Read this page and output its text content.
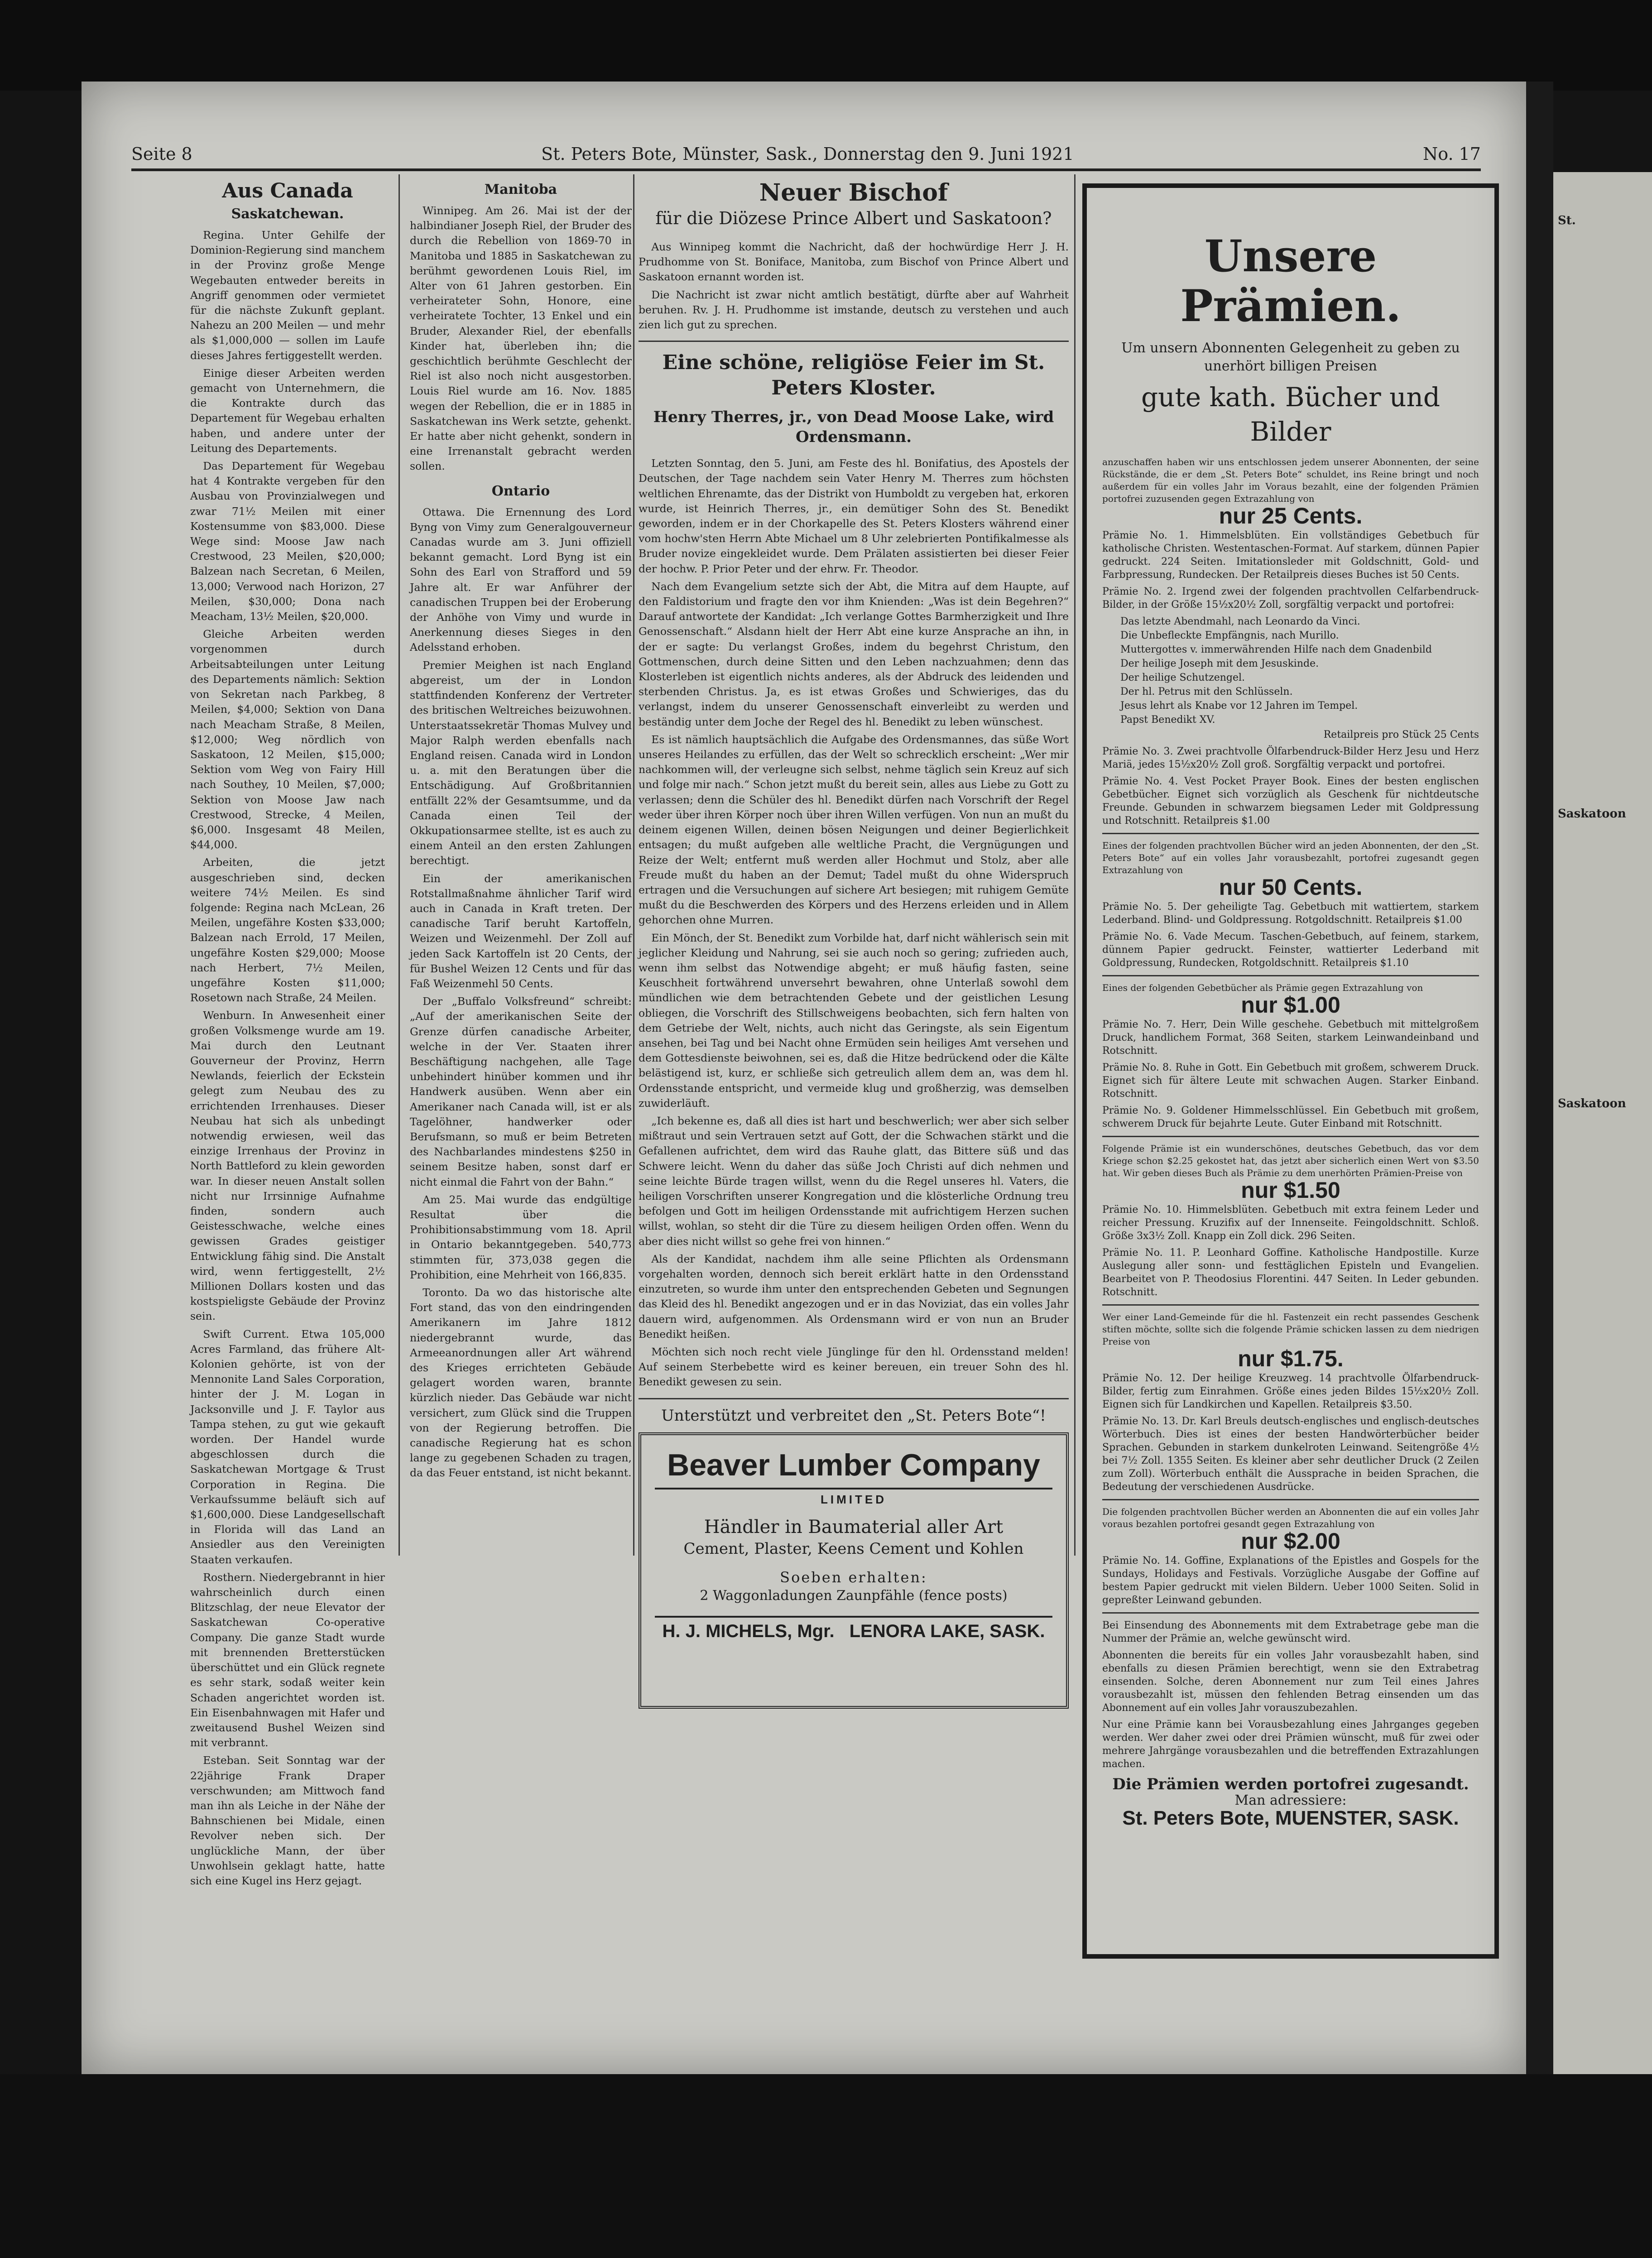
St.
Saskatoon
Saskatoon
Seite 8	St. Peters Bote, Münster, Sask., Donnerstag den 9. Juni 1921	No. 17
Aus Canada
Saskatchewan.

Regina. Unter Gehilfe der Dominion-Regierung sind manchem in der Provinz große Menge Wegebauten entweder bereits in Angriff genommen oder vermietet für die nächste Zukunft geplant. Nahezu an 200 Meilen — und mehr als $1,000,000 — sollen im Laufe dieses Jahres fertiggestellt werden.

Einige dieser Arbeiten werden gemacht von Unternehmern, die die Kontrakte durch das Departement für Wegebau erhalten haben, und andere unter der Leitung des Departements.

Das Departement für Wegebau hat 4 Kontrakte vergeben für den Ausbau von Provinzialwegen und zwar 71½ Meilen mit einer Kostensumme von $83,000. Diese Wege sind: Moose Jaw nach Crestwood, 23 Meilen, $20,000; Balzean nach Secretan, 6 Meilen, 13,000; Verwood nach Horizon, 27 Meilen, $30,000; Dona nach Meacham, 13½ Meilen, $20,000.

Gleiche Arbeiten werden vorgenommen durch Arbeitsabteilungen unter Leitung des Departements nämlich: Sektion von Sekretan nach Parkbeg, 8 Meilen, $4,000; Sektion von Dana nach Meacham Straße, 8 Meilen, $12,000; Weg nördlich von Saskatoon, 12 Meilen, $15,000; Sektion vom Weg von Fairy Hill nach Southey, 10 Meilen, $7,000; Sektion von Moose Jaw nach Crestwood, Strecke, 4 Meilen, $6,000. Insgesamt 48 Meilen, $44,000.

Arbeiten, die jetzt ausgeschrieben sind, decken weitere 74½ Meilen. Es sind folgende: Regina nach McLean, 26 Meilen, ungefähre Kosten $33,000; Balzean nach Errold, 17 Meilen, ungefähre Kosten $29,000; Moose nach Herbert, 7½ Meilen, ungefähre Kosten $11,000; Rosetown nach Straße, 24 Meilen.

Wenburn. In Anwesenheit einer großen Volksmenge wurde am 19. Mai durch den Leutnant Gouverneur der Provinz, Herrn Newlands, feierlich der Eckstein gelegt zum Neubau des zu errichtenden Irrenhauses. Dieser Neubau hat sich als unbedingt notwendig erwiesen, weil das einzige Irrenhaus der Provinz in North Battleford zu klein geworden war. In dieser neuen Anstalt sollen nicht nur Irrsinnige Aufnahme finden, sondern auch Geistesschwache, welche eines gewissen Grades geistiger Entwicklung fähig sind. Die Anstalt wird, wenn fertiggestellt, 2½ Millionen Dollars kosten und das kostspieligste Gebäude der Provinz sein.

Swift Current. Etwa 105,000 Acres Farmland, das frühere Alt-Kolonien gehörte, ist von der Mennonite Land Sales Corporation, hinter der J. M. Logan in Jacksonville und J. F. Taylor aus Tampa stehen, zu gut wie gekauft worden. Der Handel wurde abgeschlossen durch die Saskatchewan Mortgage & Trust Corporation in Regina. Die Verkaufssumme beläuft sich auf $1,600,000. Diese Landgesellschaft in Florida will das Land an Ansiedler aus den Vereinigten Staaten verkaufen.

Rosthern. Niedergebrannt in hier wahrscheinlich durch einen Blitzschlag, der neue Elevator der Saskatchewan Co-operative Company. Die ganze Stadt wurde mit brennenden Bretterstücken überschüttet und ein Glück regnete es sehr stark, sodaß weiter kein Schaden angerichtet worden ist. Ein Eisenbahnwagen mit Hafer und zweitausend Bushel Weizen sind mit verbrannt.

Esteban. Seit Sonntag war der 22jährige Frank Draper verschwunden; am Mittwoch fand man ihn als Leiche in der Nähe der Bahnschienen bei Midale, einen Revolver neben sich. Der unglückliche Mann, der über Unwohlsein geklagt hatte, hatte sich eine Kugel ins Herz gejagt.

Manitoba

Winnipeg. Am 26. Mai ist der der halbindianer Joseph Riel, der Bruder des durch die Rebellion von 1869-70 in Manitoba und 1885 in Saskatchewan zu berühmt gewordenen Louis Riel, im Alter von 61 Jahren gestorben. Ein verheirateter Sohn, Honore, eine verheiratete Tochter, 13 Enkel und ein Bruder, Alexander Riel, der ebenfalls Kinder hat, überleben ihn; die geschichtlich berühmte Geschlecht der Riel ist also noch nicht ausgestorben. Louis Riel wurde am 16. Nov. 1885 wegen der Rebellion, die er in 1885 in Saskatchewan ins Werk setzte, gehenkt. Er hatte aber nicht gehenkt, sondern in eine Irrenanstalt gebracht werden sollen.

Ontario

Ottawa. Die Ernennung des Lord Byng von Vimy zum Generalgouverneur Canadas wurde am 3. Juni offiziell bekannt gemacht. Lord Byng ist ein Sohn des Earl von Strafford und 59 Jahre alt. Er war Anführer der canadischen Truppen bei der Eroberung der Anhöhe von Vimy und wurde in Anerkennung dieses Sieges in den Adelsstand erhoben.

Premier Meighen ist nach England abgereist, um der in London stattfindenden Konferenz der Vertreter des britischen Weltreiches beizuwohnen. Unterstaatssekretär Thomas Mulvey und Major Ralph werden ebenfalls nach England reisen. Canada wird in London u. a. mit den Beratungen über die Entschädigung. Auf Großbritannien entfällt 22% der Gesamtsumme, und da Canada einen Teil der Okkupationsarmee stellte, ist es auch zu einem Anteil an den ersten Zahlungen berechtigt.

Ein der amerikanischen Rotstallmaßnahme ähnlicher Tarif wird auch in Canada in Kraft treten. Der canadische Tarif beruht Kartoffeln, Weizen und Weizenmehl. Der Zoll auf jeden Sack Kartoffeln ist 20 Cents, der für Bushel Weizen 12 Cents und für das Faß Weizenmehl 50 Cents.

Der „Buffalo Volksfreund“ schreibt: „Auf der amerikanischen Seite der Grenze dürfen canadische Arbeiter, welche in der Ver. Staaten ihrer Beschäftigung nachgehen, alle Tage unbehindert hinüber kommen und ihr Handwerk ausüben. Wenn aber ein Amerikaner nach Canada will, ist er als Tagelöhner, handwerker oder Berufsmann, so muß er beim Betreten des Nachbarlandes mindestens $250 in seinem Besitze haben, sonst darf er nicht einmal die Fahrt von der Bahn.“

Am 25. Mai wurde das endgültige Resultat über die Prohibitionsabstimmung vom 18. April in Ontario bekanntgegeben. 540,773 stimmten für, 373,038 gegen die Prohibition, eine Mehrheit von 166,835.

Toronto. Da wo das historische alte Fort stand, das von den eindringenden Amerikanern im Jahre 1812 niedergebrannt wurde, das Armeeanordnungen aller Art während des Krieges errichteten Gebäude gelagert worden waren, brannte kürzlich nieder. Das Gebäude war nicht versichert, zum Glück sind die Truppen von der Regierung betroffen. Die canadische Regierung hat es schon lange zu gegebenen Schaden zu tragen, da das Feuer entstand, ist nicht bekannt.

Neuer Bischof
für die Diözese Prince Albert und Saskatoon?

Aus Winnipeg kommt die Nachricht, daß der hochwürdige Herr J. H. Prudhomme von St. Boniface, Manitoba, zum Bischof von Prince Albert und Saskatoon ernannt worden ist.

Die Nachricht ist zwar nicht amtlich bestätigt, dürfte aber auf Wahrheit beruhen. Rv. J. H. Prudhomme ist imstande, deutsch zu verstehen und auch zien lich gut zu sprechen.

Eine schöne, religiöse Feier im St. Peters Kloster.
Henry Therres, jr., von Dead Moose Lake, wird Ordensmann.

Letzten Sonntag, den 5. Juni, am Feste des hl. Bonifatius, des Apostels der Deutschen, der Tage nachdem sein Vater Henry M. Therres zum höchsten weltlichen Ehrenamte, das der Distrikt von Humboldt zu vergeben hat, erkoren wurde, ist Heinrich Therres, jr., ein demütiger Sohn des St. Benedikt geworden, indem er in der Chorkapelle des St. Peters Klosters während einer vom hochw'sten Herrn Abte Michael um 8 Uhr zelebrierten Pontifikalmesse als Bruder novize eingekleidet wurde. Dem Prälaten assistierten bei dieser Feier der hochw. P. Prior Peter und der ehrw. Fr. Theodor.

Nach dem Evangelium setzte sich der Abt, die Mitra auf dem Haupte, auf den Faldistorium und fragte den vor ihm Knienden: „Was ist dein Begehren?“ Darauf antwortete der Kandidat: „Ich verlange Gottes Barmherzigkeit und Ihre Genossenschaft.“ Alsdann hielt der Herr Abt eine kurze Ansprache an ihn, in der er sagte: Du verlangst Großes, indem du begehrst Christum, den Gottmenschen, durch deine Sitten und den Leben nachzuahmen; denn das Klosterleben ist eigentlich nichts anderes, als der Abdruck des leidenden und sterbenden Christus. Ja, es ist etwas Großes und Schwieriges, das du verlangst, indem du unserer Genossenschaft einverleibt zu werden und beständig unter dem Joche der Regel des hl. Benedikt zu leben wünschest.

Es ist nämlich hauptsächlich die Aufgabe des Ordensmannes, das süße Wort unseres Heilandes zu erfüllen, das der Welt so schrecklich erscheint: „Wer mir nachkommen will, der verleugne sich selbst, nehme täglich sein Kreuz auf sich und folge mir nach.“ Schon jetzt mußt du bereit sein, alles aus Liebe zu Gott zu verlassen; denn die Schüler des hl. Benedikt dürfen nach Vorschrift der Regel weder über ihren Körper noch über ihren Willen verfügen. Von nun an mußt du deinem eigenen Willen, deinen bösen Neigungen und deiner Begierlichkeit entsagen; du mußt aufgeben alle weltliche Pracht, die Vergnügungen und Reize der Welt; entfernt muß werden aller Hochmut und Stolz, aber alle Freude mußt du haben an der Demut; Tadel mußt du ohne Widerspruch ertragen und die Versuchungen auf sichere Art besiegen; mit ruhigem Gemüte mußt du die Beschwerden des Körpers und des Herzens erleiden und in Allem gehorchen ohne Murren.

Ein Mönch, der St. Benedikt zum Vorbilde hat, darf nicht wählerisch sein mit jeglicher Kleidung und Nahrung, sei sie auch noch so gering; zufrieden auch, wenn ihm selbst das Notwendige abgeht; er muß häufig fasten, seine Keuschheit fortwährend unversehrt bewahren, ohne Unterlaß sowohl dem mündlichen wie dem betrachtenden Gebete und der geistlichen Lesung obliegen, die Vorschrift des Stillschweigens beobachten, sich fern halten von dem Getriebe der Welt, nichts, auch nicht das Geringste, als sein Eigentum ansehen, bei Tag und bei Nacht ohne Ermüden sein heiliges Amt versehen und dem Gottesdienste beiwohnen, sei es, daß die Hitze bedrückend oder die Kälte belästigend ist, kurz, er schließe sich getreulich allem dem an, was dem hl. Ordensstande entspricht, und vermeide klug und großherzig, was demselben zuwiderläuft.

„Ich bekenne es, daß all dies ist hart und beschwerlich; wer aber sich selber mißtraut und sein Vertrauen setzt auf Gott, der die Schwachen stärkt und die Gefallenen aufrichtet, dem wird das Rauhe glatt, das Bittere süß und das Schwere leicht. Wenn du daher das süße Joch Christi auf dich nehmen und seine leichte Bürde tragen willst, wenn du die Regel unseres hl. Vaters, die heiligen Vorschriften unserer Kongregation und die klösterliche Ordnung treu befolgen und Gott im heiligen Ordensstande mit aufrichtigem Herzen suchen willst, wohlan, so steht dir die Türe zu diesem heiligen Orden offen. Wenn du aber dies nicht willst so gehe frei von hinnen.“

Als der Kandidat, nachdem ihm alle seine Pflichten als Ordensmann vorgehalten worden, dennoch sich bereit erklärt hatte in den Ordensstand einzutreten, so wurde ihm unter den entsprechenden Gebeten und Segnungen das Kleid des hl. Benedikt angezogen und er in das Noviziat, das ein volles Jahr dauern wird, aufgenommen. Als Ordensmann wird er von nun an Bruder Benedikt heißen.

Möchten sich noch recht viele Jünglinge für den hl. Ordensstand melden! Auf seinem Sterbebette wird es keiner bereuen, ein treuer Sohn des hl. Benedikt gewesen zu sein.

Unterstützt und verbreitet den „St. Peters Bote“!
Beaver Lumber Company
LIMITED
Händler in Baumaterial aller Art
Cement, Plaster, Keens Cement und Kohlen
Soeben erhalten:
2 Waggonladungen Zaunpfähle (fence posts)
H. J. MICHELS, Mgr. LENORA LAKE, SASK.
Unsere Prämien.
Um unsern Abonnenten Gelegenheit zu geben zu unerhört billigen Preisen
gute kath. Bücher und Bilder
anzuschaffen haben wir uns entschlossen jedem unserer Abonnenten, der seine Rückstände, die er dem „St. Peters Bote“ schuldet, ins Reine bringt und noch außerdem für ein volles Jahr im Voraus bezahlt, eine der folgenden Prämien portofrei zuzusenden gegen Extrazahlung von
nur 25 Cents.
Prämie No. 1. Himmelsblüten. Ein vollständiges Gebetbuch für katholische Christen. Westentaschen-Format. Auf starkem, dünnen Papier gedruckt. 224 Seiten. Imitationsleder mit Goldschnitt, Gold- und Farbpressung, Rundecken. Der Retailpreis dieses Buches ist 50 Cents.
Prämie No. 2. Irgend zwei der folgenden prachtvollen Celfarbendruck-Bilder, in der Größe 15½x20½ Zoll, sorgfältig verpackt und portofrei:
Das letzte Abendmahl, nach Leonardo da Vinci.
Die Unbefleckte Empfängnis, nach Murillo.
Muttergottes v. immerwährenden Hilfe nach dem Gnadenbild
Der heilige Joseph mit dem Jesuskinde.
Der heilige Schutzengel.
Der hl. Petrus mit den Schlüsseln.
Jesus lehrt als Knabe vor 12 Jahren im Tempel.
Papst Benedikt XV.
Retailpreis pro Stück 25 Cents
Prämie No. 3. Zwei prachtvolle Ölfarbendruck-Bilder Herz Jesu und Herz Mariä, jedes 15½x20½ Zoll groß. Sorgfältig verpackt und portofrei.
Prämie No. 4. Vest Pocket Prayer Book. Eines der besten englischen Gebetbücher. Eignet sich vorzüglich als Geschenk für nichtdeutsche Freunde. Gebunden in schwarzem biegsamen Leder mit Goldpressung und Rotschnitt. Retailpreis $1.00
Eines der folgenden prachtvollen Bücher wird an jeden Abonnenten, der den „St. Peters Bote“ auf ein volles Jahr vorausbezahlt, portofrei zugesandt gegen Extrazahlung von
nur 50 Cents.
Prämie No. 5. Der geheiligte Tag. Gebetbuch mit wattiertem, starkem Lederband. Blind- und Goldpressung. Rotgoldschnitt. Retailpreis $1.00
Prämie No. 6. Vade Mecum. Taschen-Gebetbuch, auf feinem, starkem, dünnem Papier gedruckt. Feinster, wattierter Lederband mit Goldpressung, Rundecken, Rotgoldschnitt. Retailpreis $1.10
Eines der folgenden Gebetbücher als Prämie gegen Extrazahlung von
nur $1.00
Prämie No. 7. Herr, Dein Wille geschehe. Gebetbuch mit mittelgroßem Druck, handlichem Format, 368 Seiten, starkem Leinwandeinband und Rotschnitt.
Prämie No. 8. Ruhe in Gott. Ein Gebetbuch mit großem, schwerem Druck. Eignet sich für ältere Leute mit schwachen Augen. Starker Einband. Rotschnitt.
Prämie No. 9. Goldener Himmelsschlüssel. Ein Gebetbuch mit großem, schwerem Druck für bejahrte Leute. Guter Einband mit Rotschnitt.
Folgende Prämie ist ein wunderschönes, deutsches Gebetbuch, das vor dem Kriege schon $2.25 gekostet hat, das jetzt aber sicherlich einen Wert von $3.50 hat. Wir geben dieses Buch als Prämie zu dem unerhörten Prämien-Preise von
nur $1.50
Prämie No. 10. Himmelsblüten. Gebetbuch mit extra feinem Leder und reicher Pressung. Kruzifix auf der Innenseite. Feingoldschnitt. Schloß. Größe 3x3½ Zoll. Knapp ein Zoll dick. 296 Seiten.
Prämie No. 11. P. Leonhard Goffine. Katholische Handpostille. Kurze Auslegung aller sonn- und festtäglichen Episteln und Evangelien. Bearbeitet von P. Theodosius Florentini. 447 Seiten. In Leder gebunden. Rotschnitt.
Wer einer Land-Gemeinde für die hl. Fastenzeit ein recht passendes Geschenk stiften möchte, sollte sich die folgende Prämie schicken lassen zu dem niedrigen Preise von
nur $1.75.
Prämie No. 12. Der heilige Kreuzweg. 14 prachtvolle Ölfarbendruck-Bilder, fertig zum Einrahmen. Größe eines jeden Bildes 15½x20½ Zoll. Eignen sich für Landkirchen und Kapellen. Retailpreis $3.50.
Prämie No. 13. Dr. Karl Breuls deutsch-englisches und englisch-deutsches Wörterbuch. Dies ist eines der besten Handwörterbücher beider Sprachen. Gebunden in starkem dunkelroten Leinwand. Seitengröße 4½ bei 7½ Zoll. 1355 Seiten. Es kleiner aber sehr deutlicher Druck (2 Zeilen zum Zoll). Wörterbuch enthält die Aussprache in beiden Sprachen, die Bedeutung der verschiedenen Ausdrücke.
Die folgenden prachtvollen Bücher werden an Abonnenten die auf ein volles Jahr voraus bezahlen portofrei gesandt gegen Extrazahlung von
nur $2.00
Prämie No. 14. Goffine, Explanations of the Epistles and Gospels for the Sundays, Holidays and Festivals. Vorzügliche Ausgabe der Goffine auf bestem Papier gedruckt mit vielen Bildern. Ueber 1000 Seiten. Solid in gepreßter Leinwand gebunden.
Bei Einsendung des Abonnements mit dem Extrabetrage gebe man die Nummer der Prämie an, welche gewünscht wird.
Abonnenten die bereits für ein volles Jahr vorausbezahlt haben, sind ebenfalls zu diesen Prämien berechtigt, wenn sie den Extrabetrag einsenden. Solche, deren Abonnement nur zum Teil eines Jahres vorausbezahlt ist, müssen den fehlenden Betrag einsenden um das Abonnement auf ein volles Jahr vorauszubezahlen.
Nur eine Prämie kann bei Vorausbezahlung eines Jahrganges gegeben werden. Wer daher zwei oder drei Prämien wünscht, muß für zwei oder mehrere Jahrgänge vorausbezahlen und die betreffenden Extrazahlungen machen.
Die Prämien werden portofrei zugesandt.
Man adressiere:
St. Peters Bote, MUENSTER, SASK.
